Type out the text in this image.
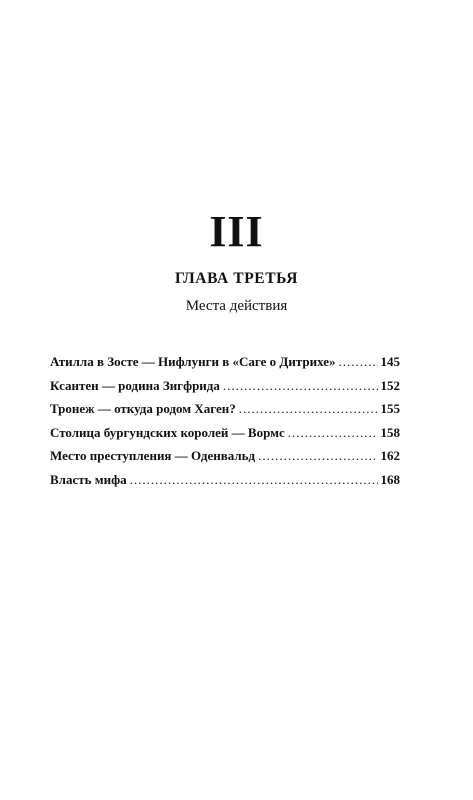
III
ГЛАВА ТРЕТЬЯ
Места действия
Атилла в Зосте — Нифлунги в «Саге о Дитрихе» .....	145
Ксантен — родина Зигфрида .....	152
Тронеж — откуда родом Хаген? .....	155
Столица бургундских королей — Вормс .....	158
Место преступления — Оденвальд .....	162
Власть мифа .....	168
